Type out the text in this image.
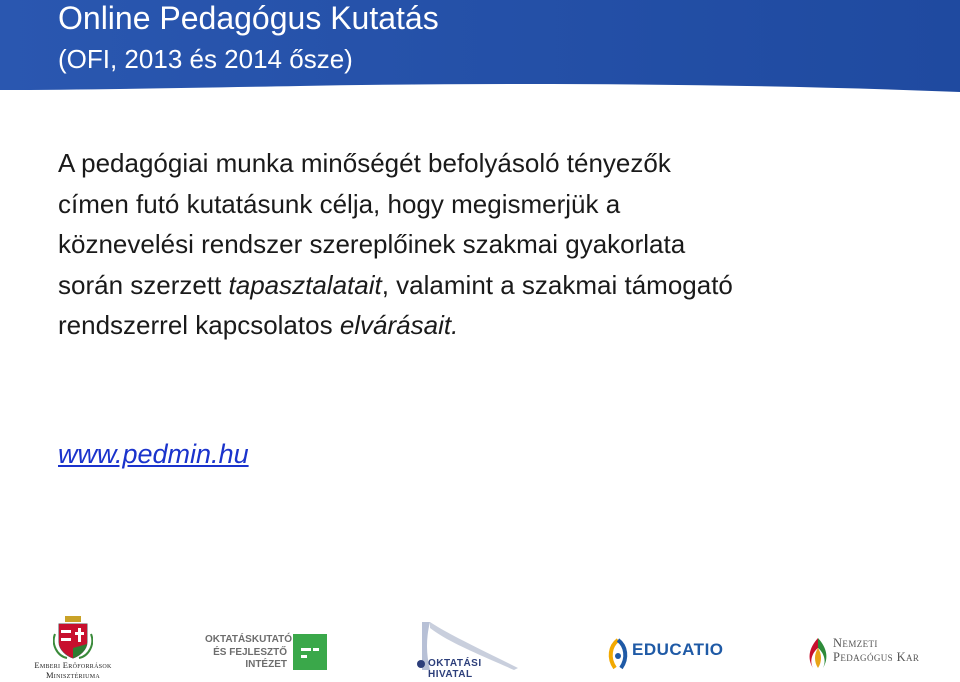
Online Pedagógus Kutatás
(OFI, 2013 és 2014 ősze)
A pedagógiai munka minőségét befolyásoló tényezők
címen futó kutatásunk célja, hogy megismerjük a
köznevelési rendszer szereplőinek szakmai gyakorlata
során szerzett tapasztalatait, valamint a szakmai támogató
rendszerrel kapcsolatos elvárásait.
www.pedmin.hu
Emberi Erőforrások
Minisztériuma
OKTATÁSKUTATÓ
ÉS FEJLESZTŐ
INTÉZET	OKTATÁSI HIVATAL
EDUCATIO	Nemzeti
Pedagógus Kar
